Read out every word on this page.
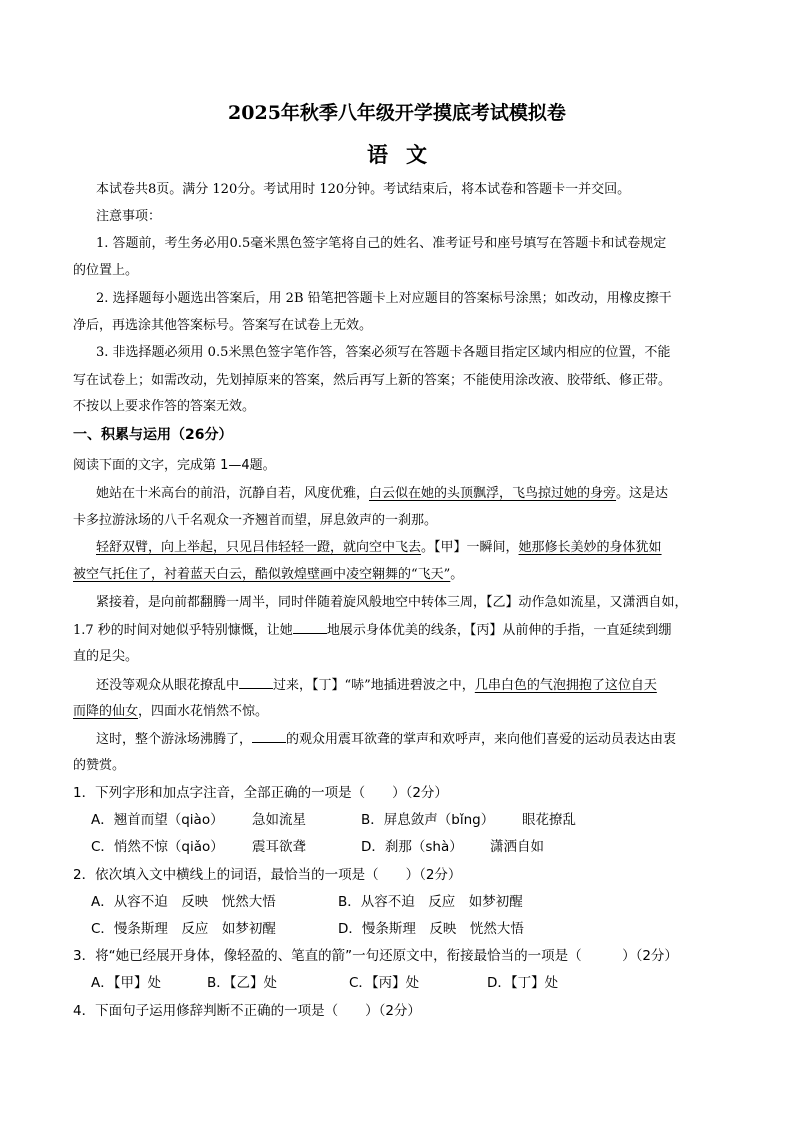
2025年秋季八年级开学摸底考试模拟卷
语文
本试卷共8页。满分 120分。考试用时 120分钟。考试结束后，将本试卷和答题卡一并交回。
注意事项：
1. 答题前，考生务必用0.5毫米黑色签字笔将自己的姓名、准考证号和座号填写在答题卡和试卷规定
的位置上。
2. 选择题每小题选出答案后，用 2B 铅笔把答题卡上对应题目的答案标号涂黑；如改动，用橡皮擦干
净后，再选涂其他答案标号。答案写在试卷上无效。
3. 非选择题必须用 0.5米黑色签字笔作答，答案必须写在答题卡各题目指定区域内相应的位置，不能
写在试卷上；如需改动，先划掉原来的答案，然后再写上新的答案；不能使用涂改液、胶带纸、修正带。
不按以上要求作答的答案无效。
一、积累与运用（26分）
阅读下面的文字，完成第 1—4题。
她站在十米高台的前沿，沉静自若，风度优雅，白云似在她的头顶飘浮，飞鸟掠过她的身旁。这是达
卡多拉游泳场的八千名观众一齐翘首而望，屏息敛声的一刹那。
轻舒双臂，向上举起，只见吕伟轻轻一蹬，就向空中飞去。【甲】一瞬间，她那修长美妙的身体犹如
被空气托住了，衬着蓝天白云，酷似敦煌壁画中凌空翱舞的“飞天”。
紧接着，是向前都翻腾一周半，同时伴随着旋风般地空中转体三周，【乙】动作急如流星，又潇洒自如，
1.7 秒的时间对她似乎特别慷慨，让她	地展示身体优美的线条，【丙】从前伸的手指，一直延续到绷
直的足尖。
还没等观众从眼花撩乱中	过来，【丁】“哧”地插进碧波之中，几串白色的气泡拥抱了这位自天
而降的仙女，四面水花悄然不惊。
这时，整个游泳场沸腾了，	的观众用震耳欲聋的掌声和欢呼声，来向他们喜爱的运动员表达由衷
的赞赏。
1．下列字形和加点字注音，全部正确的一项是（　　）（2分）
A．翘首而望（qiào） 急如流星	B．屏息敛声（bǐng） 眼花撩乱
C．悄然不惊（qiǎo） 震耳欲聋	D．刹那（shà） 潇洒自如
2．依次填入文中横线上的词语，最恰当的一项是（　　）（2分）
A．从容不迫　反映　恍然大悟	B．从容不迫　反应　如梦初醒
C．慢条斯理　反应　如梦初醒	D．慢条斯理　反映　恍然大悟
3．将“她已经展开身体，像轻盈的、笔直的箭”一句还原文中，衔接最恰当的一项是（　　　）（2分）
A．【甲】处	B．【乙】处	C．【丙】处	D．【丁】处
4．下面句子运用修辞判断不正确的一项是（　　）（2分）
